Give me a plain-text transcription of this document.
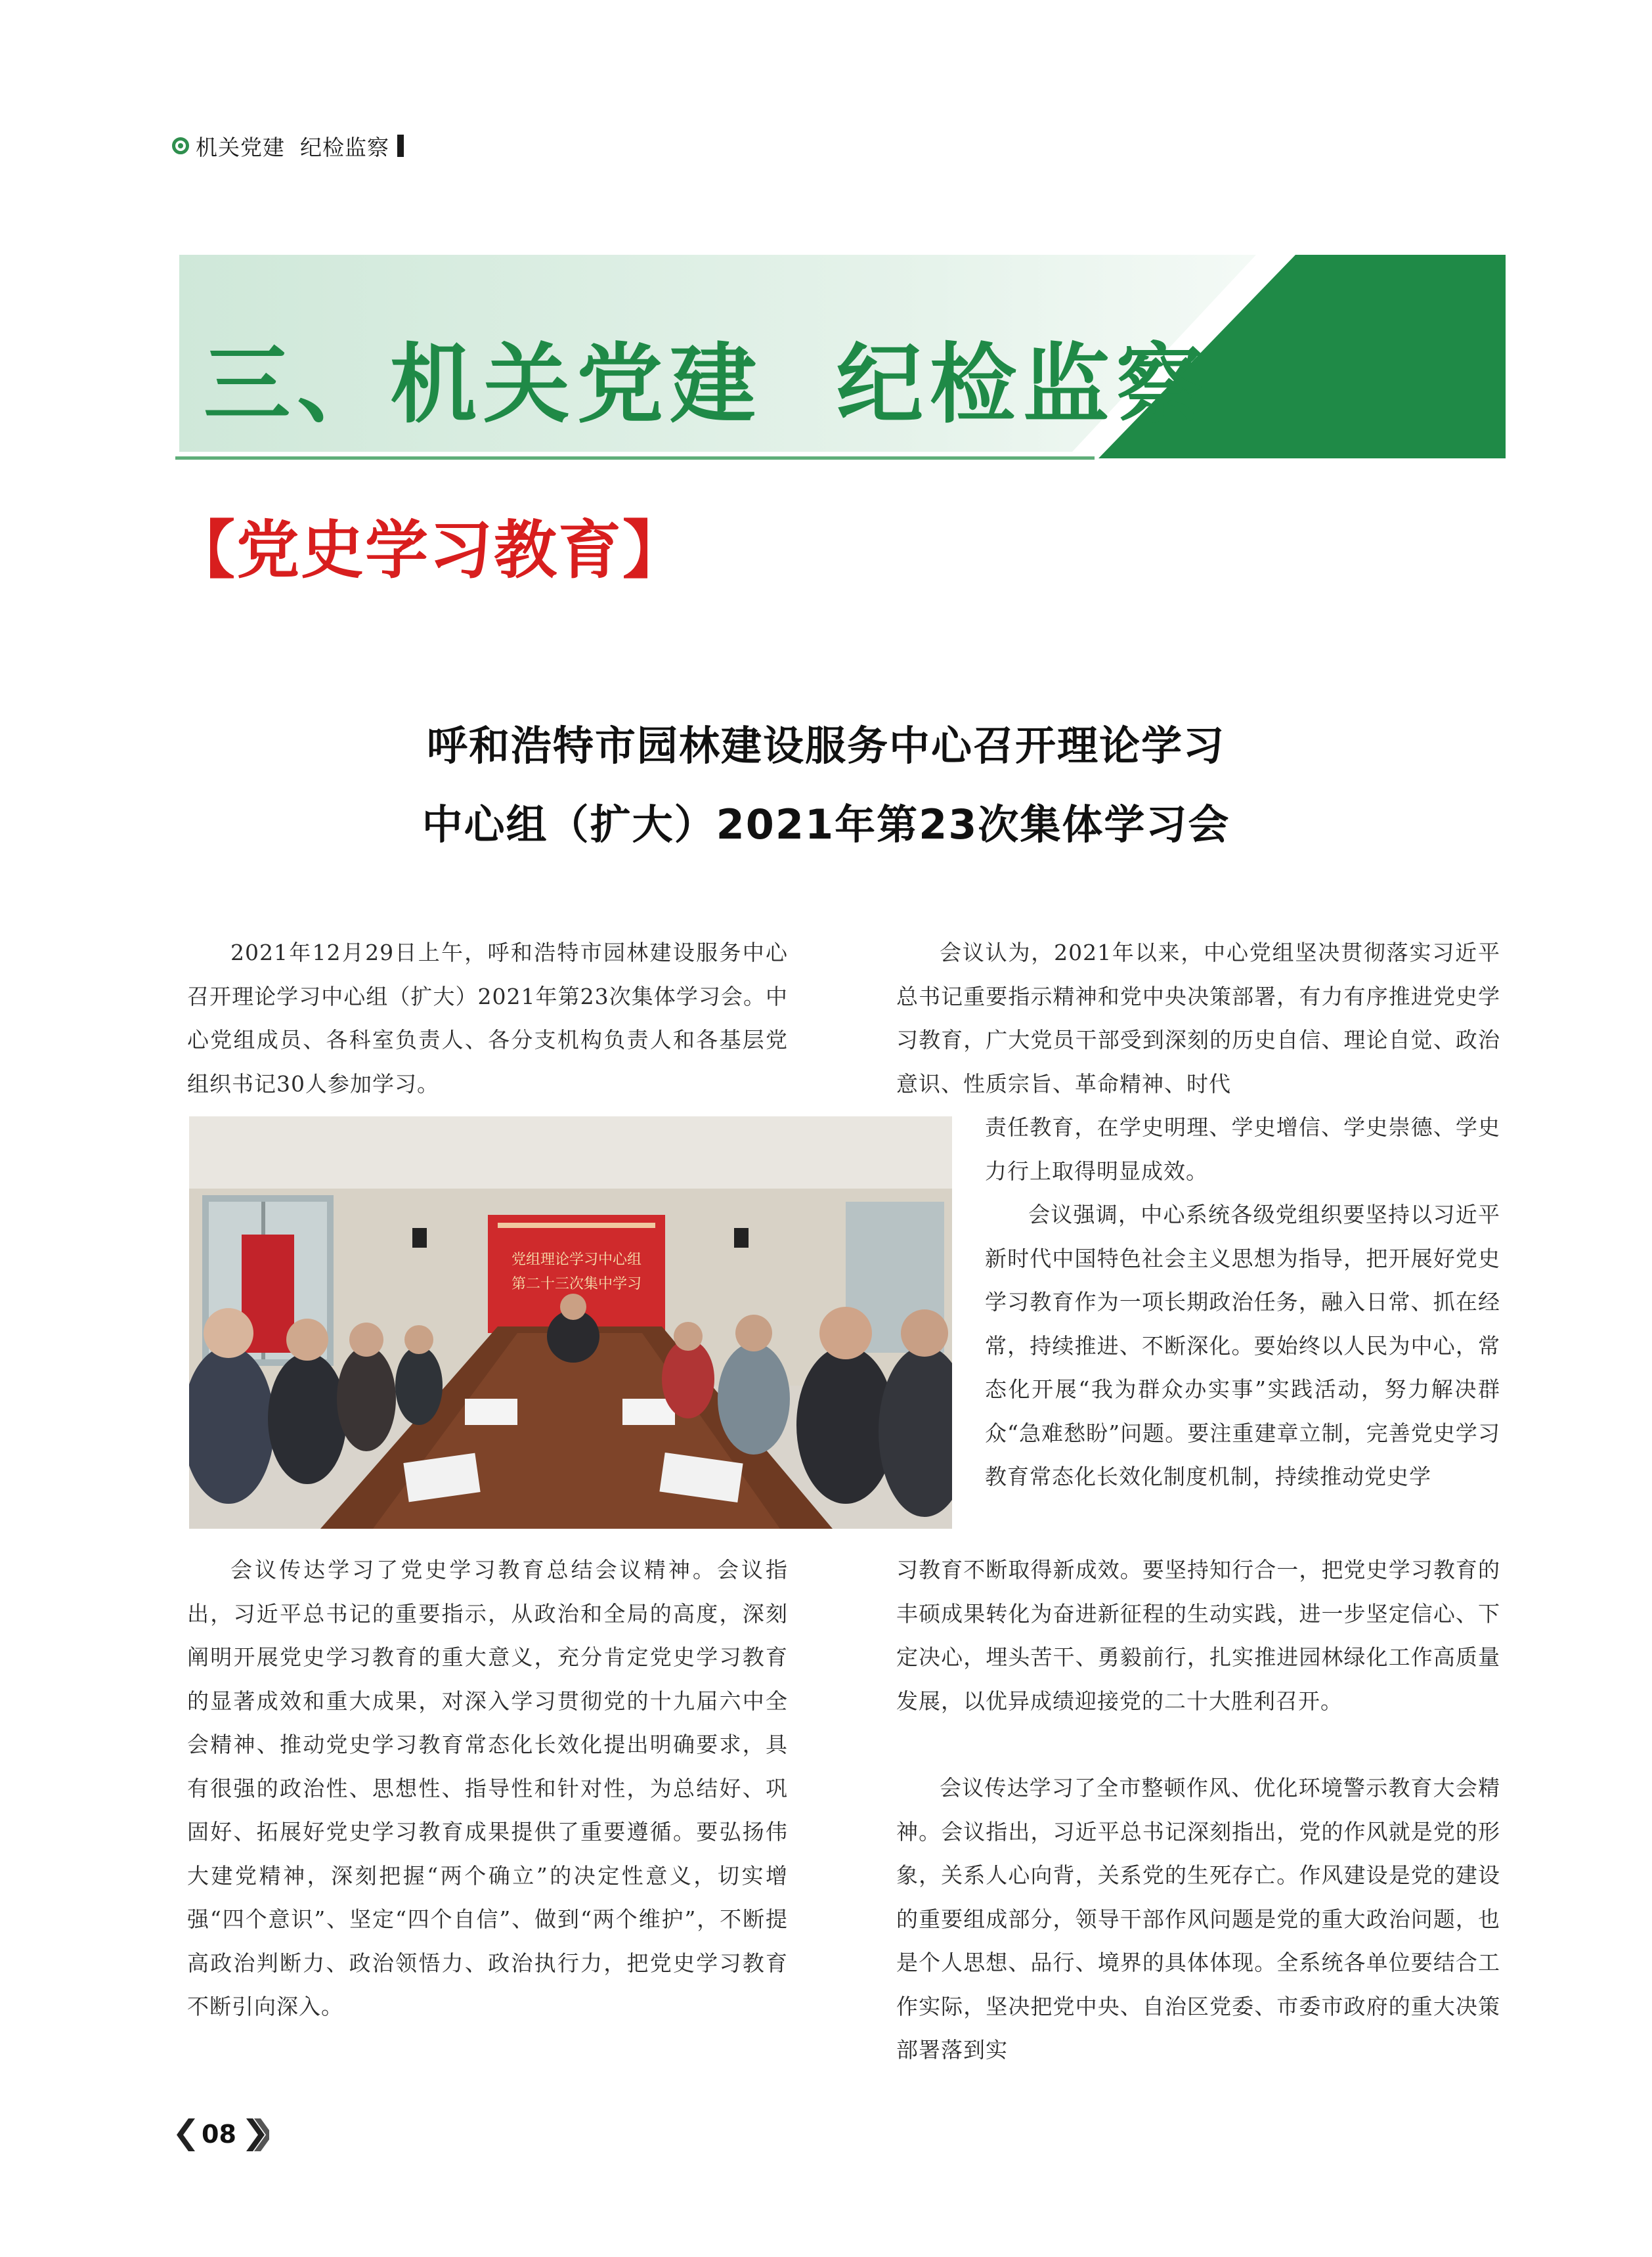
机关党建  纪检监察
三、机关党建  纪检监察
【党史学习教育】
呼和浩特市园林建设服务中心召开理论学习
中心组（扩大）2021年第23次集体学习会

2021年12月29日上午，呼和浩特市园林建设服务中心召开理论学习中心组（扩大）2021年第23次集体学习会。中心党组成员、各科室负责人、各分支机构负责人和各基层党组织书记30人参加学习。

党组理论学习中心组
第二十三次集中学习

会议传达学习了党史学习教育总结会议精神。会议指出，习近平总书记的重要指示，从政治和全局的高度，深刻阐明开展党史学习教育的重大意义，充分肯定党史学习教育的显著成效和重大成果，对深入学习贯彻党的十九届六中全会精神、推动党史学习教育常态化长效化提出明确要求，具有很强的政治性、思想性、指导性和针对性，为总结好、巩固好、拓展好党史学习教育成果提供了重要遵循。要弘扬伟大建党精神，深刻把握“两个确立”的决定性意义，切实增强“四个意识”、坚定“四个自信”、做到“两个维护”，不断提高政治判断力、政治领悟力、政治执行力，把党史学习教育不断引向深入。

会议认为，2021年以来，中心党组坚决贯彻落实习近平总书记重要指示精神和党中央决策部署，有力有序推进党史学习教育，广大党员干部受到深刻的历史自信、理论自觉、政治意识、性质宗旨、革命精神、时代

责任教育，在学史明理、学史增信、学史崇德、学史力行上取得明显成效。

会议强调，中心系统各级党组织要坚持以习近平新时代中国特色社会主义思想为指导，把开展好党史学习教育作为一项长期政治任务，融入日常、抓在经常，持续推进、不断深化。要始终以人民为中心，常态化开展“我为群众办实事”实践活动，努力解决群众“急难愁盼”问题。要注重建章立制，完善党史学习教育常态化长效化制度机制，持续推动党史学

习教育不断取得新成效。要坚持知行合一，把党史学习教育的丰硕成果转化为奋进新征程的生动实践，进一步坚定信心、下定决心，埋头苦干、勇毅前行，扎实推进园林绿化工作高质量发展，以优异成绩迎接党的二十大胜利召开。

会议传达学习了全市整顿作风、优化环境警示教育大会精神。会议指出，习近平总书记深刻指出，党的作风就是党的形象，关系人心向背，关系党的生死存亡。作风建设是党的建设的重要组成部分，领导干部作风问题是党的重大政治问题，也是个人思想、品行、境界的具体体现。全系统各单位要结合工作实际，坚决把党中央、自治区党委、市委市政府的重大决策部署落到实

08
